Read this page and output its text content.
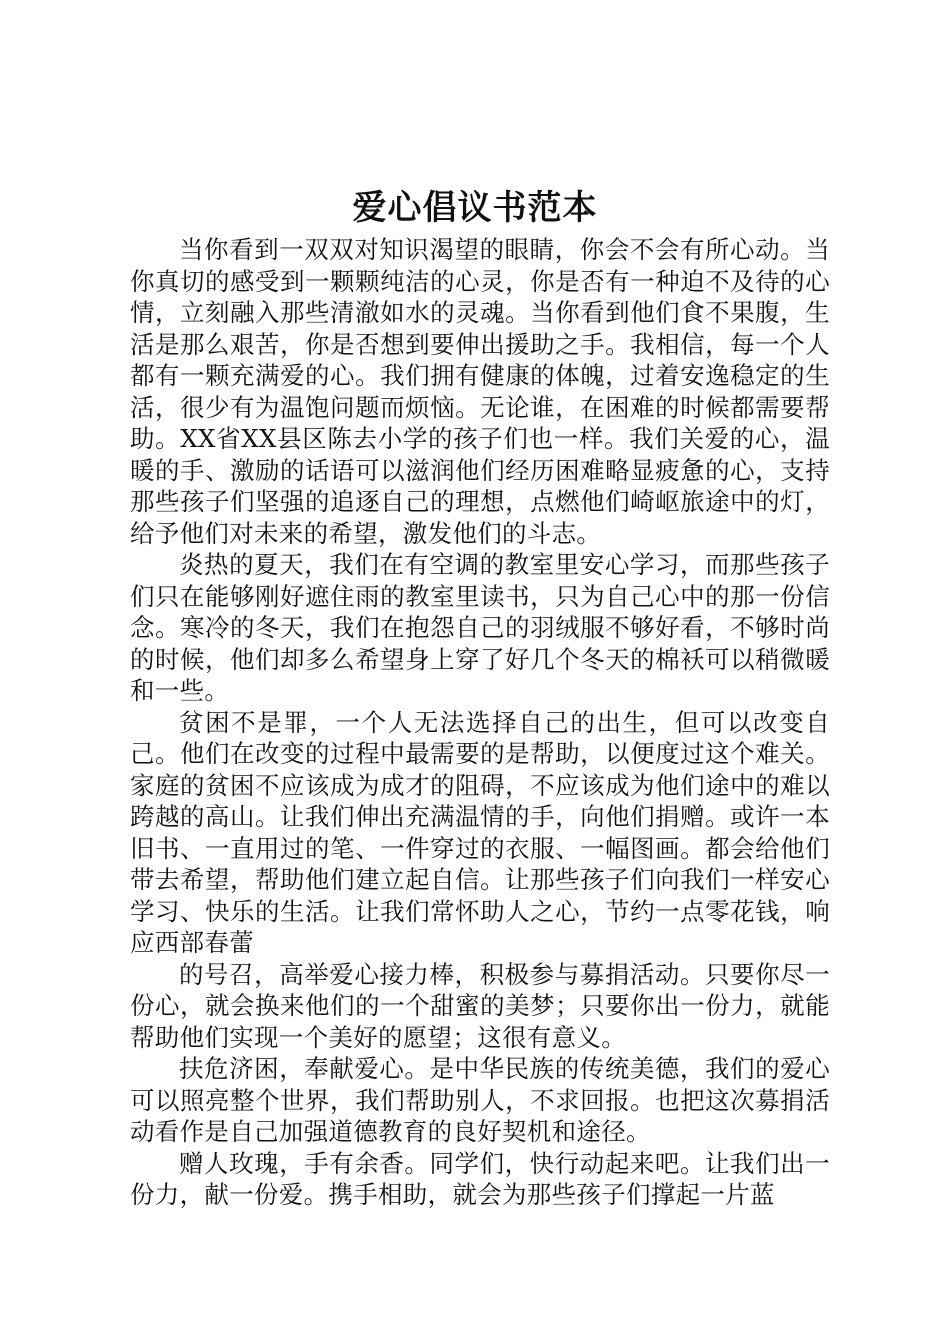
爱心倡议书范本

当你看到一双双对知识渴望的眼睛，你会不会有所心动。当你真切的感受到一颗颗纯洁的心灵，你是否有一种迫不及待的心情，立刻融入那些清澈如水的灵魂。当你看到他们食不果腹，生活是那么艰苦，你是否想到要伸出援助之手。我相信，每一个人都有一颗充满爱的心。我们拥有健康的体魄，过着安逸稳定的生活，很少有为温饱问题而烦恼。无论谁，在困难的时候都需要帮助。XX省XX县区陈去小学的孩子们也一样。我们关爱的心，温暖的手、激励的话语可以滋润他们经历困难略显疲惫的心，支持那些孩子们坚强的追逐自己的理想，点燃他们崎岖旅途中的灯，给予他们对未来的希望，激发他们的斗志。

炎热的夏天，我们在有空调的教室里安心学习，而那些孩子们只在能够刚好遮住雨的教室里读书，只为自己心中的那一份信念。寒冷的冬天，我们在抱怨自己的羽绒服不够好看，不够时尚的时候，他们却多么希望身上穿了好几个冬天的棉袄可以稍微暖和一些。

贫困不是罪，一个人无法选择自己的出生，但可以改变自己。他们在改变的过程中最需要的是帮助，以便度过这个难关。家庭的贫困不应该成为成才的阻碍，不应该成为他们途中的难以跨越的高山。让我们伸出充满温情的手，向他们捐赠。或许一本旧书、一直用过的笔、一件穿过的衣服、一幅图画。都会给他们带去希望，帮助他们建立起自信。让那些孩子们向我们一样安心学习、快乐的生活。让我们常怀助人之心，节约一点零花钱，响应西部春蕾

的号召，高举爱心接力棒，积极参与募捐活动。只要你尽一份心，就会换来他们的一个甜蜜的美梦；只要你出一份力，就能帮助他们实现一个美好的愿望；这很有意义。

扶危济困，奉献爱心。是中华民族的传统美德，我们的爱心可以照亮整个世界，我们帮助别人，不求回报。也把这次募捐活动看作是自己加强道德教育的良好契机和途径。

赠人玫瑰，手有余香。同学们，快行动起来吧。让我们出一份力，献一份爱。携手相助，就会为那些孩子们撑起一片蓝
